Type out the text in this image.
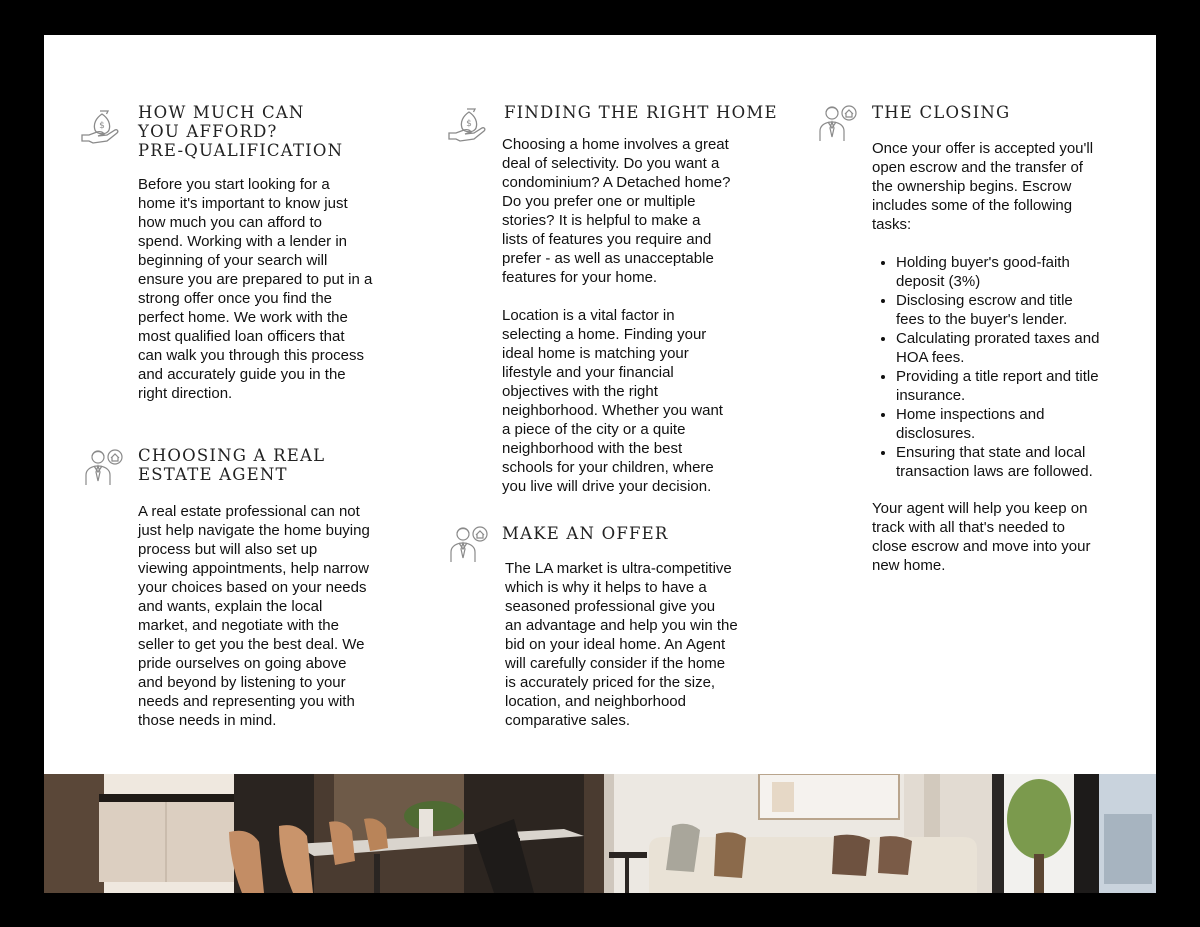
$
HOW MUCH CAN
YOU AFFORD?
PRE-QUALIFICATION
Before you start looking for a
home it's important to know just
how much you can afford to
spend. Working with a lender in
beginning of your search will
ensure you are prepared to put in a
strong offer once you find the
perfect home. We work with the
most qualified loan officers that
can walk you through this process
and accurately guide you in the
right direction.
CHOOSING A REAL
ESTATE AGENT
A real estate professional can not
just help navigate the home buying
process but will also set up
viewing appointments, help narrow
your choices based on your needs
and wants, explain the local
market, and negotiate with the
seller to get you the best deal. We
pride ourselves on going above
and beyond by listening to your
needs and representing you with
those needs in mind.
$
FINDING THE RIGHT HOME
Choosing a home involves a great
deal of selectivity. Do you want a
condominium? A Detached home?
Do you prefer one or multiple
stories? It is helpful to make a
lists of features you require and
prefer - as well as unacceptable
features for your home.
Location is a vital factor in
selecting a home. Finding your
ideal home is matching your
lifestyle and your financial
objectives with the right
neighborhood. Whether you want
a piece of the city or a quite
neighborhood with the best
schools for your children, where
you live will drive your decision.
MAKE AN OFFER
The LA market is ultra-competitive
which is why it helps to have a
seasoned professional give you
an advantage and help you win the
bid on your ideal home. An Agent
will carefully consider if the home
is accurately priced for the size,
location, and neighborhood
comparative sales.
THE CLOSING
Once your offer is accepted you'll
open escrow and the transfer of
the ownership begins. Escrow
includes some of the following
tasks:
• Holding buyer's good-faith
deposit (3%)
• Disclosing escrow and title
fees to the buyer's lender.
• Calculating prorated taxes and
HOA fees.
• Providing a title report and title
insurance.
• Home inspections and
disclosures.
• Ensuring that state and local
transaction laws are followed.
Your agent will help you keep on
track with all that's needed to
close escrow and move into your
new home.
